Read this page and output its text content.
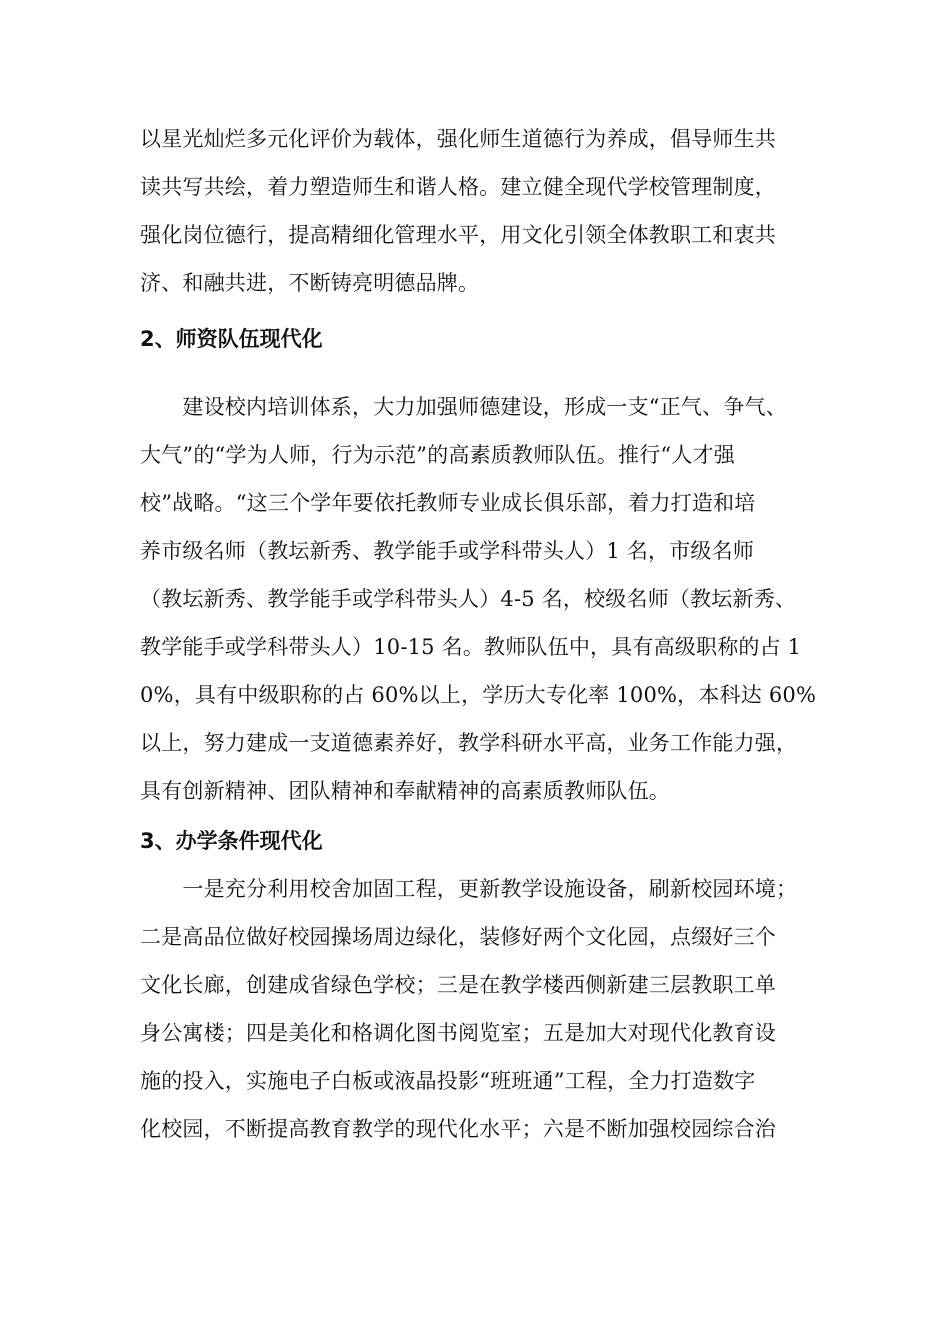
以星光灿烂多元化评价为载体，强化师生道德行为养成，倡导师生共
读共写共绘，着力塑造师生和谐人格。建立健全现代学校管理制度，
强化岗位德行，提高精细化管理水平，用文化引领全体教职工和衷共
济、和融共进，不断铸亮明德品牌。

2、师资队伍现代化

　　建设校内培训体系，大力加强师德建设，形成一支“正气、争气、
大气”的“学为人师，行为示范”的高素质教师队伍。推行“人才强
校”战略。“这三个学年要依托教师专业成长俱乐部，着力打造和培
养市级名师（教坛新秀、教学能手或学科带头人）1 名，市级名师
（教坛新秀、教学能手或学科带头人）4-5 名，校级名师（教坛新秀、
教学能手或学科带头人）10-15 名。教师队伍中，具有高级职称的占 1
0%，具有中级职称的占 60%以上，学历大专化率 100%，本科达 60%
以上，努力建成一支道德素养好，教学科研水平高，业务工作能力强，
具有创新精神、团队精神和奉献精神的高素质教师队伍。

3、办学条件现代化

　　一是充分利用校舍加固工程，更新教学设施设备，刷新校园环境；
二是高品位做好校园操场周边绿化，装修好两个文化园，点缀好三个
文化长廊，创建成省绿色学校；三是在教学楼西侧新建三层教职工单
身公寓楼；四是美化和格调化图书阅览室；五是加大对现代化教育设
施的投入，实施电子白板或液晶投影“班班通”工程，全力打造数字
化校园，不断提高教育教学的现代化水平；六是不断加强校园综合治
